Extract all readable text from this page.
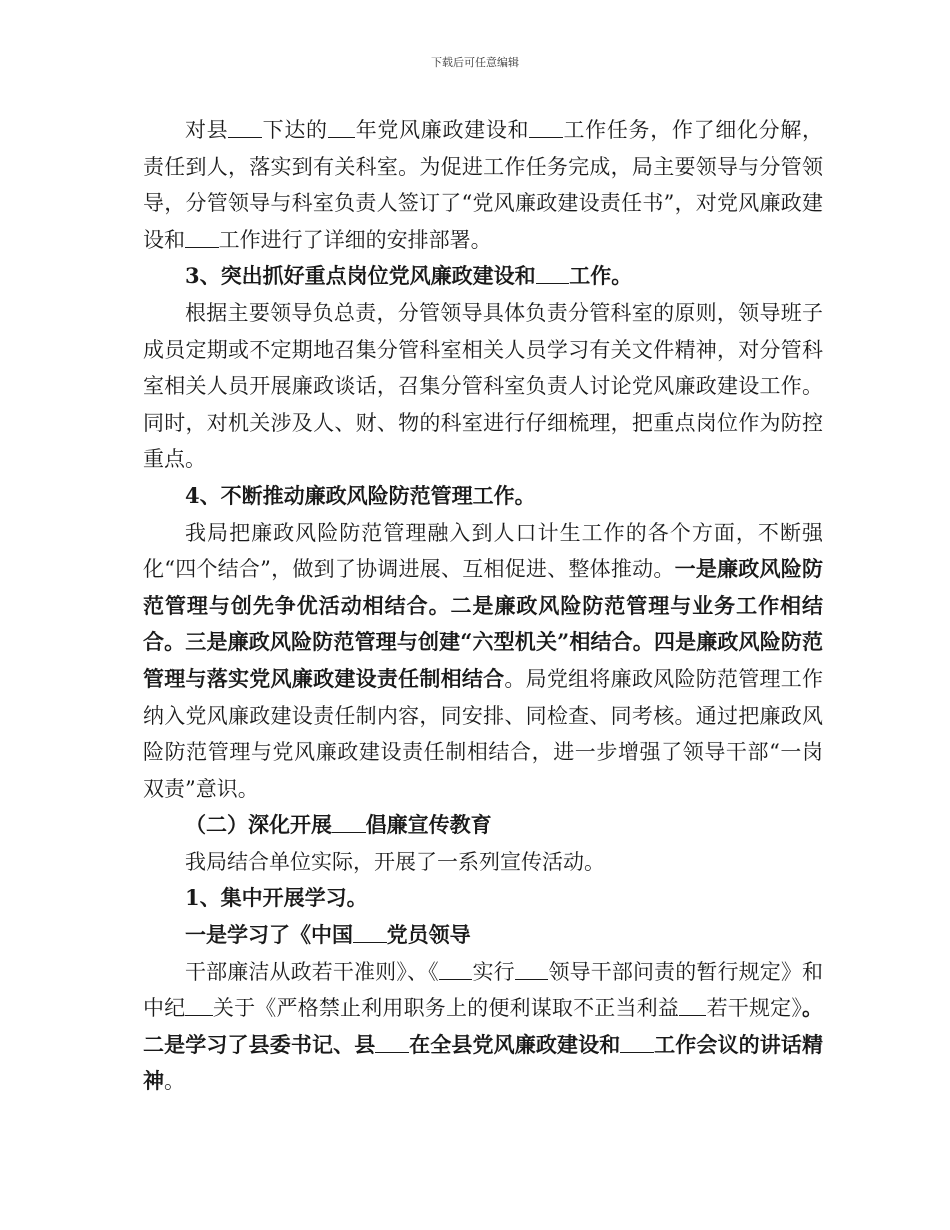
下载后可任意编辑

对县 下达的 年党风廉政建设和 工作任务，作了细化分解，责任到人，落实到有关科室。为促进工作任务完成，局主要领导与分管领导，分管领导与科室负责人签订了“党风廉政建设责任书”，对党风廉政建设和 工作进行了详细的安排部署。

3、突出抓好重点岗位党风廉政建设和 工作。

根据主要领导负总责，分管领导具体负责分管科室的原则，领导班子成员定期或不定期地召集分管科室相关人员学习有关文件精神，对分管科室相关人员开展廉政谈话，召集分管科室负责人讨论党风廉政建设工作。同时，对机关涉及人、财、物的科室进行仔细梳理，把重点岗位作为防控重点。

4、不断推动廉政风险防范管理工作。

我局把廉政风险防范管理融入到人口计生工作的各个方面，不断强化“四个结合”，做到了协调进展、互相促进、整体推动。一是廉政风险防范管理与创先争优活动相结合。二是廉政风险防范管理与业务工作相结合。三是廉政风险防范管理与创建“六型机关”相结合。四是廉政风险防范管理与落实党风廉政建设责任制相结合。局党组将廉政风险防范管理工作纳入党风廉政建设责任制内容，同安排、同检查、同考核。通过把廉政风险防范管理与党风廉政建设责任制相结合，进一步增强了领导干部“一岗双责”意识。

（二）深化开展 倡廉宣传教育

我局结合单位实际，开展了一系列宣传活动。

1、集中开展学习。

一是学习了《中国 党员领导

干部廉洁从政若干准则》、《 实行 领导干部问责的暂行规定》和中纪 关于《严格禁止利用职务上的便利谋取不正当利益 若干规定》。二是学习了县委书记、县 在全县党风廉政建设和 工作会议的讲话精神。
